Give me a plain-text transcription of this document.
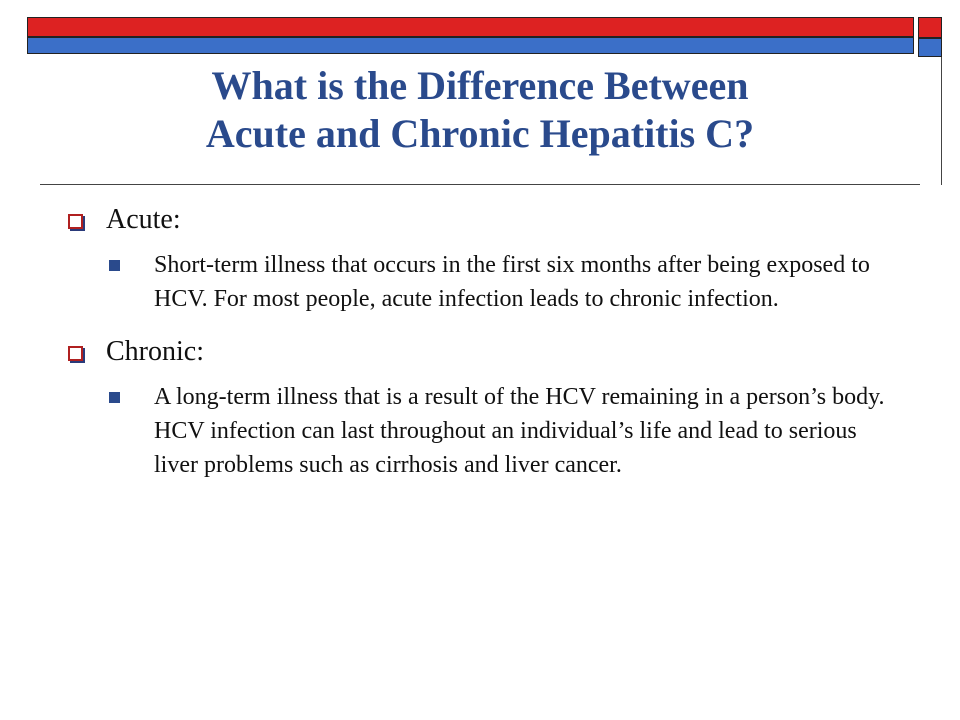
What is the Difference Between
Acute and Chronic Hepatitis C?

Acute:

Short-term illness that occurs in the first six months after being exposed to HCV. For most people, acute infection leads to chronic infection.

Chronic:

A long-term illness that is a result of the HCV remaining in a person’s body. HCV infection can last throughout an individual’s life and lead to serious liver problems such as cirrhosis and liver cancer.
